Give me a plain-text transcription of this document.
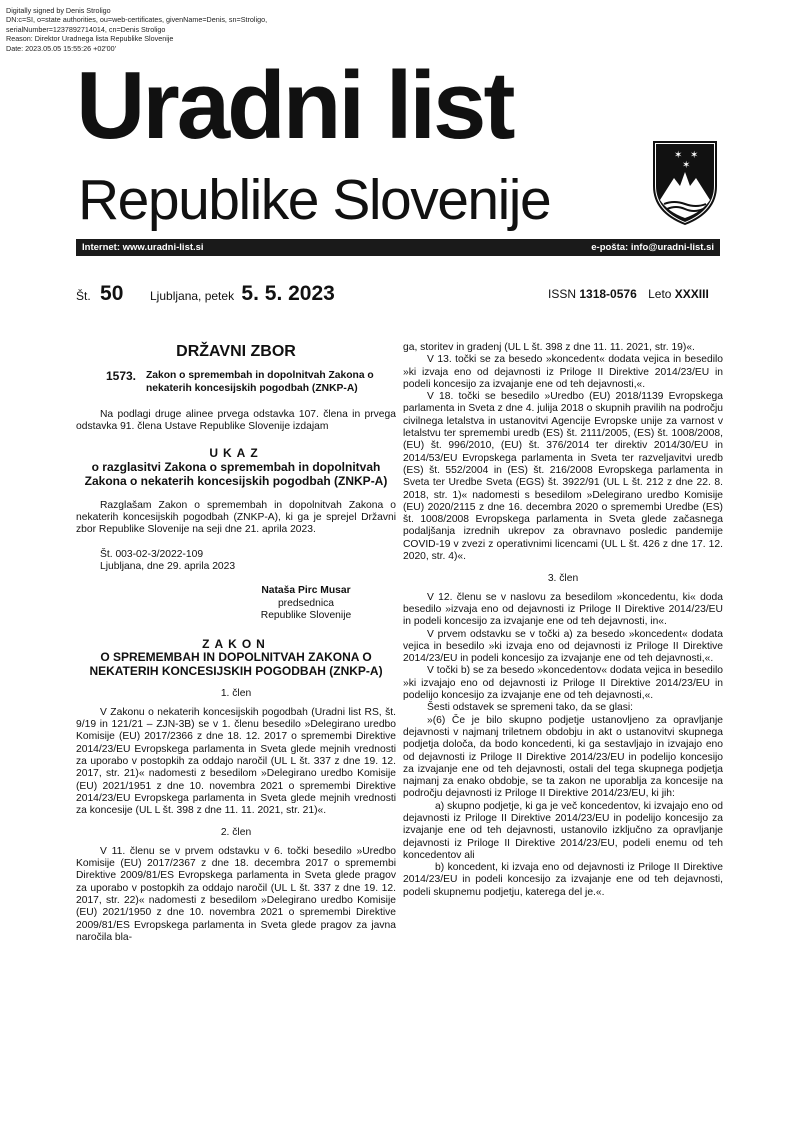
Digitally signed by Denis Stroligo
DN:c=SI, o=state authorities, ou=web-certificates, givenName=Denis, sn=Stroligo,
serialNumber=1237892714014, cn=Denis Stroligo
Reason: Direktor Uradnega lista Republike Slovenije
Date: 2023.05.05 15:55:26 +02'00'
Uradni list
Republike Slovenije
✶ ✶
✶
Internet: www.uradni-list.si	e-pošta: info@uradni-list.si
Št. 50 Ljubljana, petek 5. 5. 2023	ISSN 1318-0576 Leto XXXIII
DRŽAVNI ZBOR
1573. Zakon o spremembah in dopolnitvah Zakona o nekaterih koncesijskih pogodbah (ZNKP-A)

Na podlagi druge alinee prvega odstavka 107. člena in prvega odstavka 91. člena Ustave Republike Slovenije izdajam

UKAZ
o razglasitvi Zakona o spremembah in dopolnitvah Zakona o nekaterih koncesijskih pogodbah (ZNKP-A)

Razglašam Zakon o spremembah in dopolnitvah Zakona o nekaterih koncesijskih pogodbah (ZNKP-A), ki ga je sprejel Državni zbor Republike Slovenije na seji dne 21. aprila 2023.

Št. 003-02-3/2022-109

Ljubljana, dne 29. aprila 2023

Nataša Pirc Musar
predsednica
Republike Slovenije
ZAKON
O SPREMEMBAH IN DOPOLNITVAH ZAKONA O NEKATERIH KONCESIJSKIH POGODBAH (ZNKP-A)
1. člen

V Zakonu o nekaterih koncesijskih pogodbah (Uradni list RS, št. 9/19 in 121/21 – ZJN-3B) se v 1. členu besedilo »Delegirano uredbo Komisije (EU) 2017/2366 z dne 18. 12. 2017 o spremembi Direktive 2014/23/EU Evropskega parlamenta in Sveta glede mejnih vrednosti za uporabo v postopkih za oddajo naročil (UL L št. 337 z dne 19. 12. 2017, str. 21)« nadomesti z besedilom »Delegirano uredbo Komisije (EU) 2021/1951 z dne 10. novembra 2021 o spremembi Direktive 2014/23/EU Evropskega parlamenta in Sveta glede mejnih vrednosti za koncesije (UL L št. 398 z dne 11. 11. 2021, str. 21)«.

2. člen

V 11. členu se v prvem odstavku v 6. točki besedilo »Uredbo Komisije (EU) 2017/2367 z dne 18. decembra 2017 o spremembi Direktive 2009/81/ES Evropskega parlamenta in Sveta glede pragov za uporabo v postopkih za oddajo naročil (UL L št. 337 z dne 19. 12. 2017, str. 22)« nadomesti z besedilom »Delegirano uredbo Komisije (EU) 2021/1950 z dne 10. novembra 2021 o spremembi Direktive 2009/81/ES Evropskega parlamenta in Sveta glede pragov za javna naročila bla-

ga, storitev in gradenj (UL L št. 398 z dne 11. 11. 2021, str. 19)«.

V 13. točki se za besedo »koncedent« dodata vejica in besedilo »ki izvaja eno od dejavnosti iz Priloge II Direktive 2014/23/EU in podeli koncesijo za izvajanje ene od teh dejavnosti,«.

V 18. točki se besedilo »Uredbo (EU) 2018/1139 Evropskega parlamenta in Sveta z dne 4. julija 2018 o skupnih pravilih na področju civilnega letalstva in ustanovitvi Agencije Evropske unije za varnost v letalstvu ter spremembi uredb (ES) št. 2111/2005, (ES) št. 1008/2008, (EU) št. 996/2010, (EU) št. 376/2014 ter direktiv 2014/30/EU in 2014/53/EU Evropskega parlamenta in Sveta ter razveljavitvi uredb (ES) št. 552/2004 in (ES) št. 216/2008 Evropskega parlamenta in Sveta ter Uredbe Sveta (EGS) št. 3922/91 (UL L št. 212 z dne 22. 8. 2018, str. 1)« nadomesti s besedilom »Delegirano uredbo Komisije (EU) 2020/2115 z dne 16. decembra 2020 o spremembi Uredbe (ES) št. 1008/2008 Evropskega parlamenta in Sveta glede začasnega podaljšanja izrednih ukrepov za obravnavo posledic pandemije COVID-19 v zvezi z operativnimi licencami (UL L št. 426 z dne 17. 12. 2020, str. 4)«.

3. člen

V 12. členu se v naslovu za besedilom »koncedentu, ki« doda besedilo »izvaja eno od dejavnosti iz Priloge II Direktive 2014/23/EU in podeli koncesijo za izvajanje ene od teh dejavnosti, in«.

V prvem odstavku se v točki a) za besedo »koncedent« dodata vejica in besedilo »ki izvaja eno od dejavnosti iz Priloge II Direktive 2014/23/EU in podeli koncesijo za izvajanje ene od teh dejavnosti,«.

V točki b) se za besedo »koncedentov« dodata vejica in besedilo »ki izvajajo eno od dejavnosti iz Priloge II Direktive 2014/23/EU in podelijo koncesijo za izvajanje ene od teh dejavnosti,«.

Šesti odstavek se spremeni tako, da se glasi:

»(6) Če je bilo skupno podjetje ustanovljeno za opravljanje dejavnosti v najmanj triletnem obdobju in akt o ustanovitvi skupnega podjetja določa, da bodo koncedenti, ki ga sestavljajo in izvajajo eno od dejavnosti iz Priloge II Direktive 2014/23/EU in podelijo koncesijo za izvajanje ene od teh dejavnosti, ostali del tega skupnega podjetja najmanj za enako obdobje, se ta zakon ne uporablja za koncesije na področju dejavnosti iz Priloge II Direktive 2014/23/EU, ki jih:

a) skupno podjetje, ki ga je več koncedentov, ki izvajajo eno od dejavnosti iz Priloge II Direktive 2014/23/EU in podelijo koncesijo za izvajanje ene od teh dejavnosti, ustanovilo izključno za opravljanje dejavnosti iz Priloge II Direktive 2014/23/EU, podeli enemu od teh koncedentov ali

b) koncedent, ki izvaja eno od dejavnosti iz Priloge II Direktive 2014/23/EU in podeli koncesijo za izvajanje ene od teh dejavnosti, podeli skupnemu podjetju, katerega del je.«.
